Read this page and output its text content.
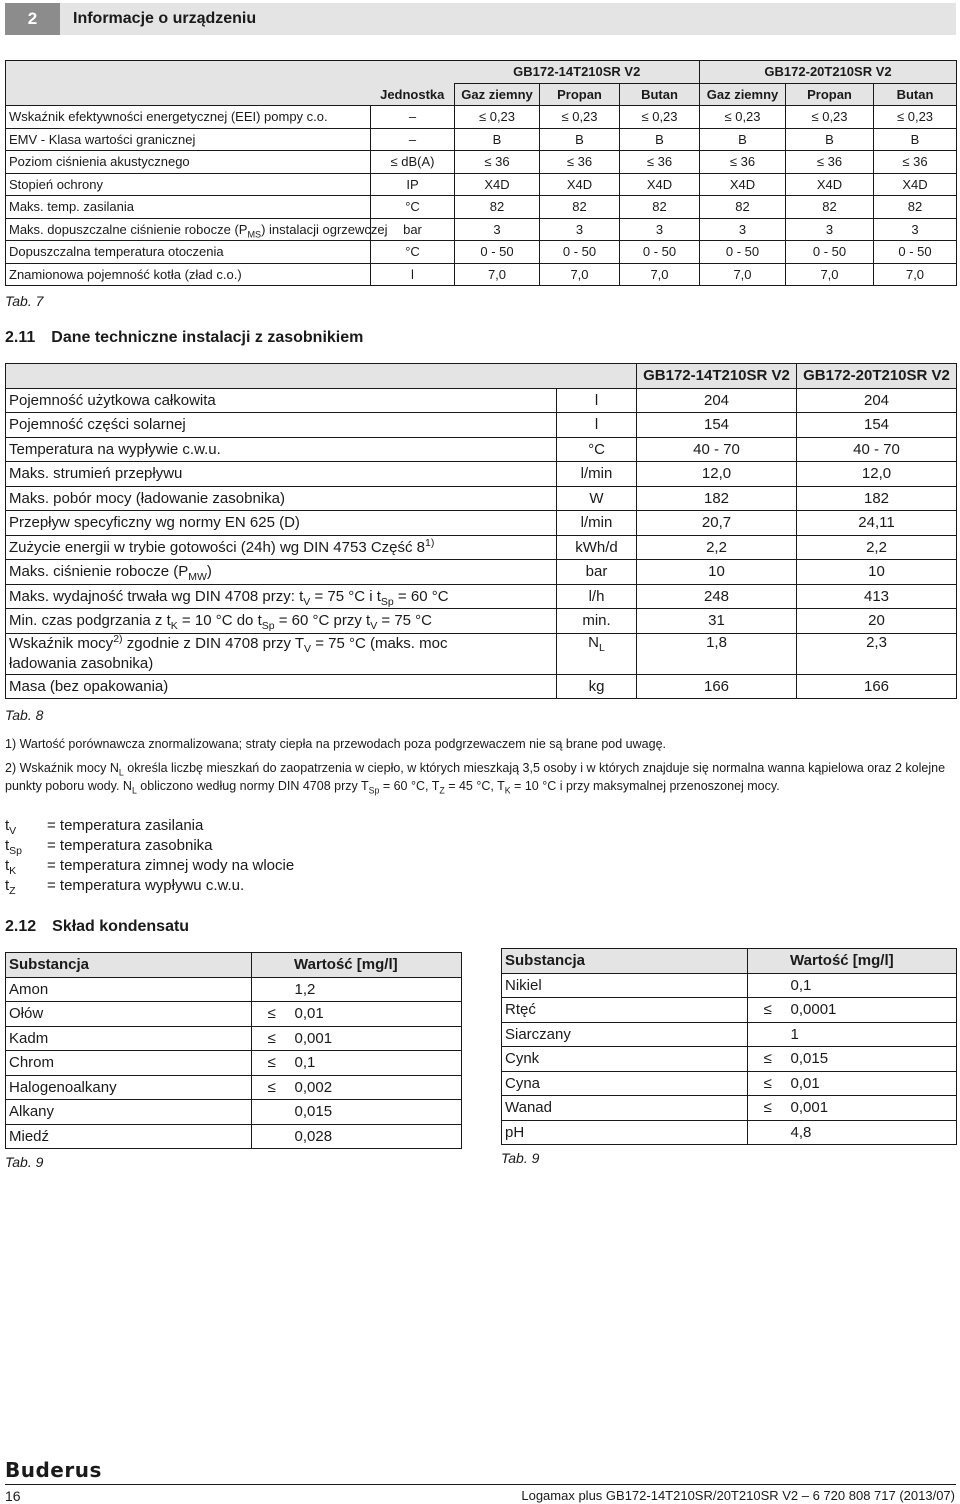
2	Informacje o urządzeniu
		GB172-14T210SR V2			GB172-20T210SR V2		
	Jednostka	Gaz ziemny	Propan	Butan	Gaz ziemny	Propan	Butan
Wskaźnik efektywności energetycznej (EEI) pompy c.o.	–	≤ 0,23	≤ 0,23	≤ 0,23	≤ 0,23	≤ 0,23	≤ 0,23
EMV - Klasa wartości granicznej	–	B	B	B	B	B	B
Poziom ciśnienia akustycznego	≤ dB(A)	≤ 36	≤ 36	≤ 36	≤ 36	≤ 36	≤ 36
Stopień ochrony	IP	X4D	X4D	X4D	X4D	X4D	X4D
Maks. temp. zasilania	°C	82	82	82	82	82	82
Maks. dopuszczalne ciśnienie robocze $(P_{MS})$ instalacji ogrzewczej	bar	3	3	3	3	3	3
Dopuszczalna temperatura otoczenia	°C	0 - 50	0 - 50	0 - 50	0 - 50	0 - 50	0 - 50
Znamionowa pojemność kotła (zład c.o.)	l	7,0	7,0	7,0	7,0	7,0	7,0
Tab. 7
2.11 Dane techniczne instalacji z zasobnikiem
		GB172-14T210SR V2	GB172-20T210SR V2
Pojemność użytkowa całkowita	l	204	204
Pojemność części solarnej	l	154	154
Temperatura na wypływie c.w.u.	°C	40 - 70	40 - 70
Maks. strumień przepływu	l/min	12,0	12,0
Maks. pobór mocy (ładowanie zasobnika)	W	182	182
Przepływ specyficzny wg normy EN 625 (D)	l/min	20,7	24,11
Zużycie energii w trybie gotowości (24h) wg DIN 4753 Część 8$^{1)}$	kWh/d	2,2	2,2
Maks. ciśnienie robocze $(P_{MW})$	bar	10	10
Maks. wydajność trwała wg DIN 4708 przy: $t_V = 75$ °C i $t_{Sp} = 60$ °C	l/h	248	413
Min. czas podgrzania z $t_K = 10$ °C do $t_{Sp} = 60$ °C przy $t_V = 75$ °C	min.	31	20
Wskaźnik mocy$^{2)}$ zgodnie z DIN 4708 przy $T_V = 75$ °C (maks. moc ładowania zasobnika)	$N_L$	1,8	2,3
Masa (bez opakowania)	kg	166	166
Tab. 8
1) Wartość porównawcza znormalizowana; straty ciepła na przewodach poza podgrzewaczem nie są brane pod uwagę.
2) Wskaźnik mocy $N_L$ określa liczbę mieszkań do zaopatrzenia w ciepło, w których mieszkają 3,5 osoby i w których znajduje się normalna wanna kąpielowa oraz 2 kolejne punkty poboru wody. $N_L$ obliczono według normy DIN 4708 przy $T_{Sp} = 60$ °C, $T_Z = 45$ °C, $T_K = 10$ °C i przy maksymalnej przenoszonej mocy.
$t_V$	= temperatura zasilania
$t_{Sp}$	= temperatura zasobnika
$t_K$	= temperatura zimnej wody na wlocie
$t_Z$	= temperatura wypływu c.w.u.
2.12 Skład kondensatu
Substancja	Wartość [mg/l]	
Amon		1,2
Ołów	≤	0,01
Kadm	≤	0,001
Chrom	≤	0,1
Halogenoalkany	≤	0,002
Alkany		0,015
Miedź		0,028
Tab. 9
Substancja	Wartość [mg/l]	
Nikiel		0,1
Rtęć	≤	0,0001
Siarczany		1
Cynk	≤	0,015
Cyna	≤	0,01
Wanad	≤	0,001
pH		4,8
Tab. 9
Buderus
16	Logamax plus GB172-14T210SR/20T210SR V2 – 6 720 808 717 (2013/07)
